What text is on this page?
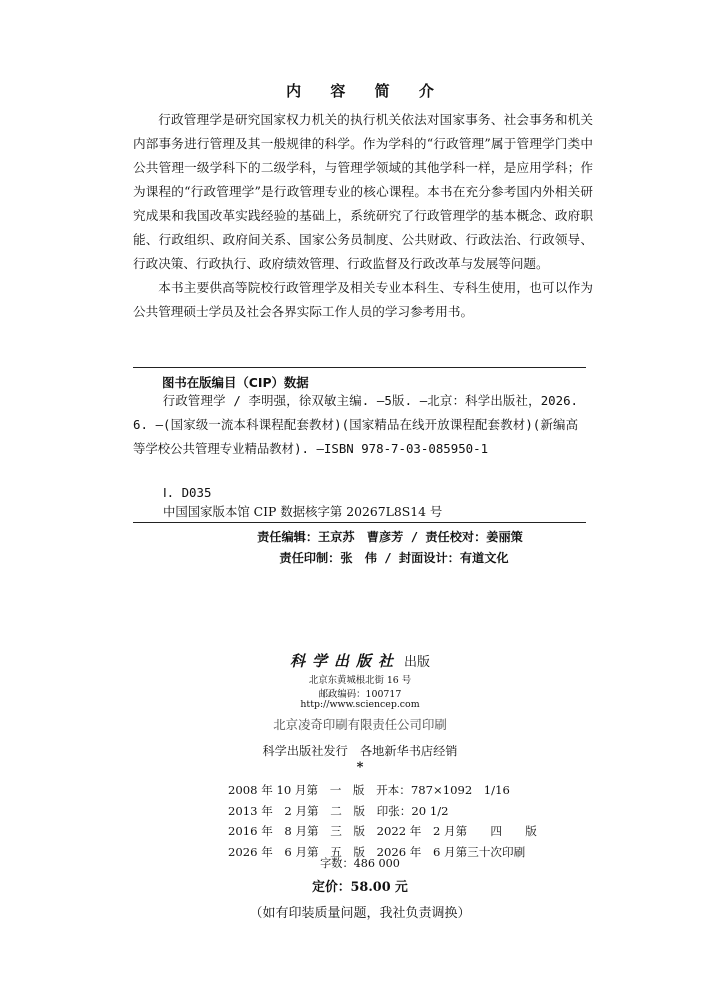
内 容 简 介

行政管理学是研究国家权力机关的执行机关依法对国家事务、社会事务和机关内部事务进行管理及其一般规律的科学。作为学科的“行政管理”属于管理学门类中公共管理一级学科下的二级学科，与管理学领域的其他学科一样，是应用学科；作为课程的“行政管理学”是行政管理专业的核心课程。本书在充分参考国内外相关研究成果和我国改革实践经验的基础上，系统研究了行政管理学的基本概念、政府职能、行政组织、政府间关系、国家公务员制度、公共财政、行政法治、行政领导、行政决策、行政执行、政府绩效管理、行政监督及行政改革与发展等问题。

本书主要供高等院校行政管理学及相关专业本科生、专科生使用，也可以作为公共管理硕士学员及社会各界实际工作人员的学习参考用书。

图书在版编目（CIP）数据

行政管理学 / 李明强，徐双敏主编. —5版. —北京：科学出版社，2026. 6. —(国家级一流本科课程配套教材)(国家精品在线开放课程配套教材)(新编高等学校公共管理专业精品教材). —ISBN 978-7-03-085950-1

Ⅰ. D035
中国国家版本馆 CIP 数据核字第 20267L8S14 号
责任编辑：王京苏　曹彦芳 / 责任校对：姜丽策
责任印制：张　伟 / 封面设计：有道文化
科学出版社 出版
北京东黄城根北街 16 号
邮政编码：100717
http://www.sciencep.com
北京凌奇印刷有限责任公司印刷
科学出版社发行　各地新华书店经销
*
2008 年 10 月第　一　版　开本：787×1092　1/16
2013 年　2 月第　二　版　印张：20 1/2
2016 年　8 月第　三　版　2022 年　2 月第　　四　　版
2026 年　6 月第　五　版　2026 年　6 月第三十次印刷
字数：486 000
定价：58.00 元
（如有印装质量问题，我社负责调换）
